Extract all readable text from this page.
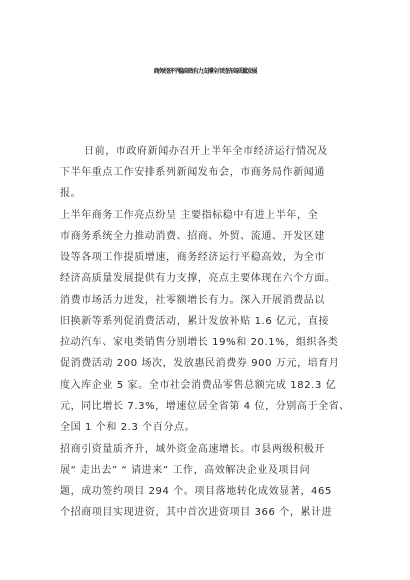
商务经济平稳高效有力支撑全市经济高质量发展
日前，市政府新闻办召开上半年全市经济运行情况及
下半年重点工作安排系列新闻发布会，市商务局作新闻通
报。
上半年商务工作亮点纷呈 主要指标稳中有进上半年，全
市商务系统全力推动消费、招商、外贸、流通、开发区建
设等各项工作提质增速，商务经济运行平稳高效，为全市
经济高质量发展提供有力支撑，亮点主要体现在六个方面。
消费市场活力迸发，社零额增长有力。深入开展消费品以
旧换新等系列促消费活动，累计发放补贴 1.6 亿元，直接
拉动汽车、家电类销售分别增长 19%和 20.1%，组织各类
促消费活动 200 场次，发放惠民消费券 900 万元，培育月
度入库企业 5 家。全市社会消费品零售总额完成 182.3 亿
元，同比增长 7.3%，增速位居全省第 4 位，分别高于全省、
全国 1 个和 2.3 个百分点。
招商引资量质齐升，域外资金高速增长。市县两级积极开
展“ 走出去” “ 请进来” 工作，高效解决企业及项目问
题，成功签约项目 294 个。项目落地转化成效显著，465
个招商项目实现进资，其中首次进资项目 366 个，累计进
